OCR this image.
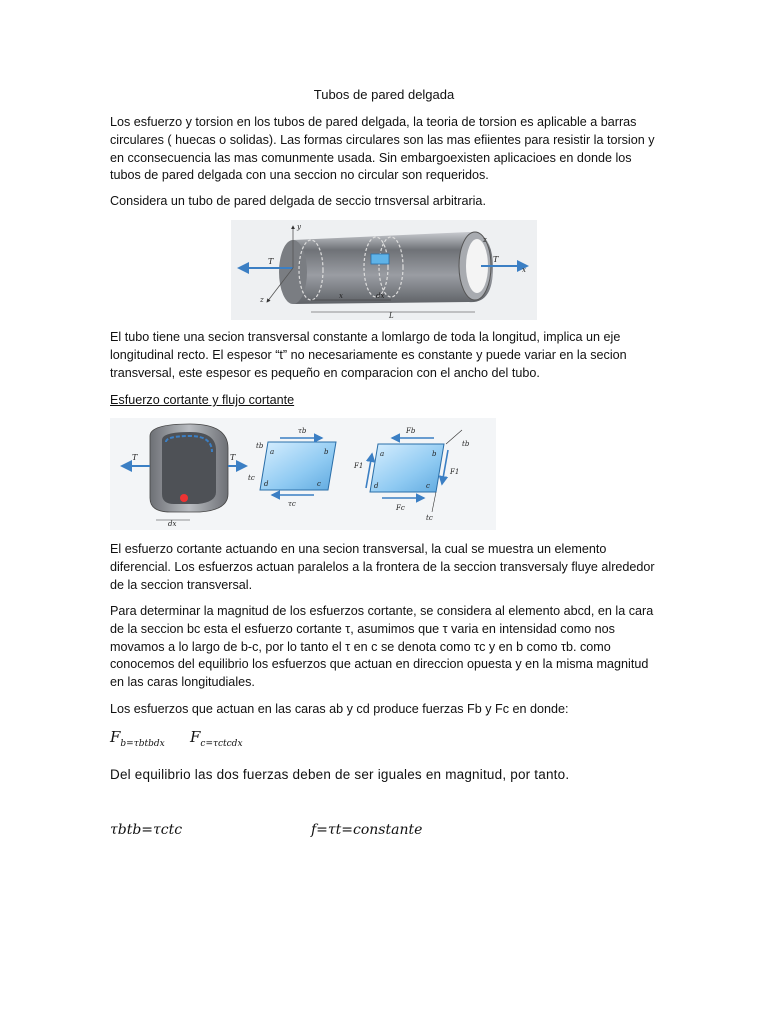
Tubos de pared delgada

Los esfuerzo y torsion en los tubos de pared delgada, la teoria de torsion es aplicable a barras circulares ( huecas o solidas). Las formas circulares son las mas efiientes para resistir la torsion y en cconsecuencia las mas comunmente usada. Sin embargoexisten aplicacioes en donde los tubos de pared delgada con una seccion no circular son requeridos.

Considera un tubo de pared delgada de seccio trnsversal arbitraria.

T	T
x
y
z
z
x	dx
L

El tubo tiene una secion transversal constante a lomlargo de toda la longitud, implica un eje longitudinal recto. El espesor “t” no necesariamente es constante y puede variar en la secion transversal, este espesor es pequeño en comparacion con el ancho del tubo.

Esfuerzo cortante y flujo cortante

T	T
dx
τb
τc
tb
tc
a	b
c
d
Fb
Fc
F1
F1
tb
tc
a	b
c
d

El esfuerzo cortante actuando en una secion transversal, la cual se muestra un elemento diferencial. Los esfuerzos actuan paralelos a la frontera de la seccion transversaly fluye alrededor de la seccion transversal.

Para determinar la magnitud de los esfuerzos cortante, se considera al elemento abcd, en la cara de la seccion bc esta el esfuerzo cortante τ, asumimos que τ varia en intensidad como nos movamos a lo largo de b-c, por lo tanto el τ en c se denota como τc y en b como τb. como conocemos del equilibrio los esfuerzos que actuan en direccion opuesta y en la misma magnitud en las caras longitudiales.

Los esfuerzos que actuan en las caras ab y cd produce fuerzas Fb y Fc en donde:

$F_{b=\tau btbdx}$ $F_{c=\tau ctcdx}$

Del equilibrio las dos fuerzas deben de ser iguales en magnitud, por tanto.

τbtb=τctc	f=τt=constante
